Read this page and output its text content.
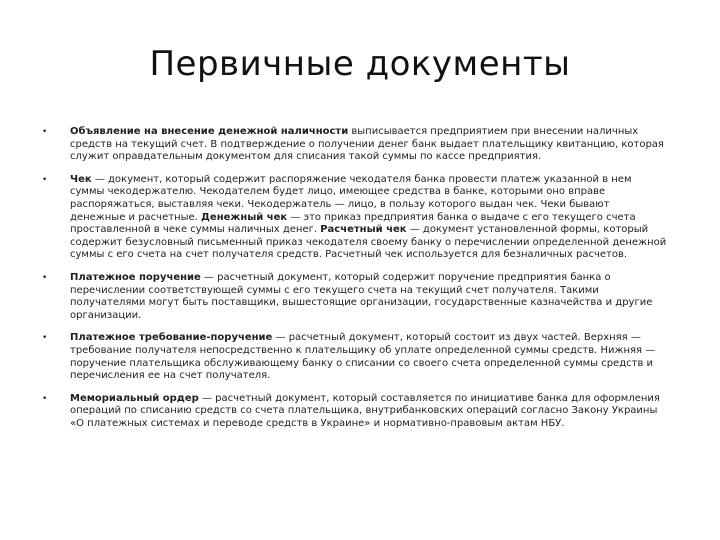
Первичные документы
• Объявление на внесение денежной наличности выписывается предприятием при внесении наличных средств на текущий счет. В подтверждение о получении денег банк выдает плательщику квитанцию, которая служит оправдательным документом для списания такой суммы по кассе предприятия.
• Чек — документ, который содержит распоряжение чекодателя банка провести платеж указанной в нем суммы чекодержателю. Чекодателем будет лицо, имеющее средства в банке, которыми оно вправе распоряжаться, выставляя чеки. Чекодержатель — лицо, в пользу которого выдан чек. Чеки бывают денежные и расчетные. Денежный чек — это приказ предприятия банка о выдаче с его текущего счета проставленной в чеке суммы наличных денег. Расчетный чек — документ установленной формы, который содержит безусловный письменный приказ чекодателя своему банку о перечислении определенной денежной суммы с его счета на счет получателя средств. Расчетный чек используется для безналичных расчетов.
• Платежное поручение — расчетный документ, который содержит поручение предприятия банка о перечислении соответствующей суммы с его текущего счета на текущий счет получателя. Такими получателями могут быть поставщики, вышестоящие организации, государственные казначейства и другие организации.
• Платежное требование-поручение — расчетный документ, который состоит из двух частей. Верхняя — требование получателя непосредственно к плательщику об уплате определенной суммы средств. Нижняя — поручение плательщика обслуживающему банку о списании со своего счета определенной суммы средств и перечисления ее на счет получателя.
• Мемориальный ордер — расчетный документ, который составляется по инициативе банка для оформления операций по списанию средств со счета плательщика, внутрибанковских операций согласно Закону Украины «О платежных системах и переводе средств в Украине» и нормативно-правовым актам НБУ.
